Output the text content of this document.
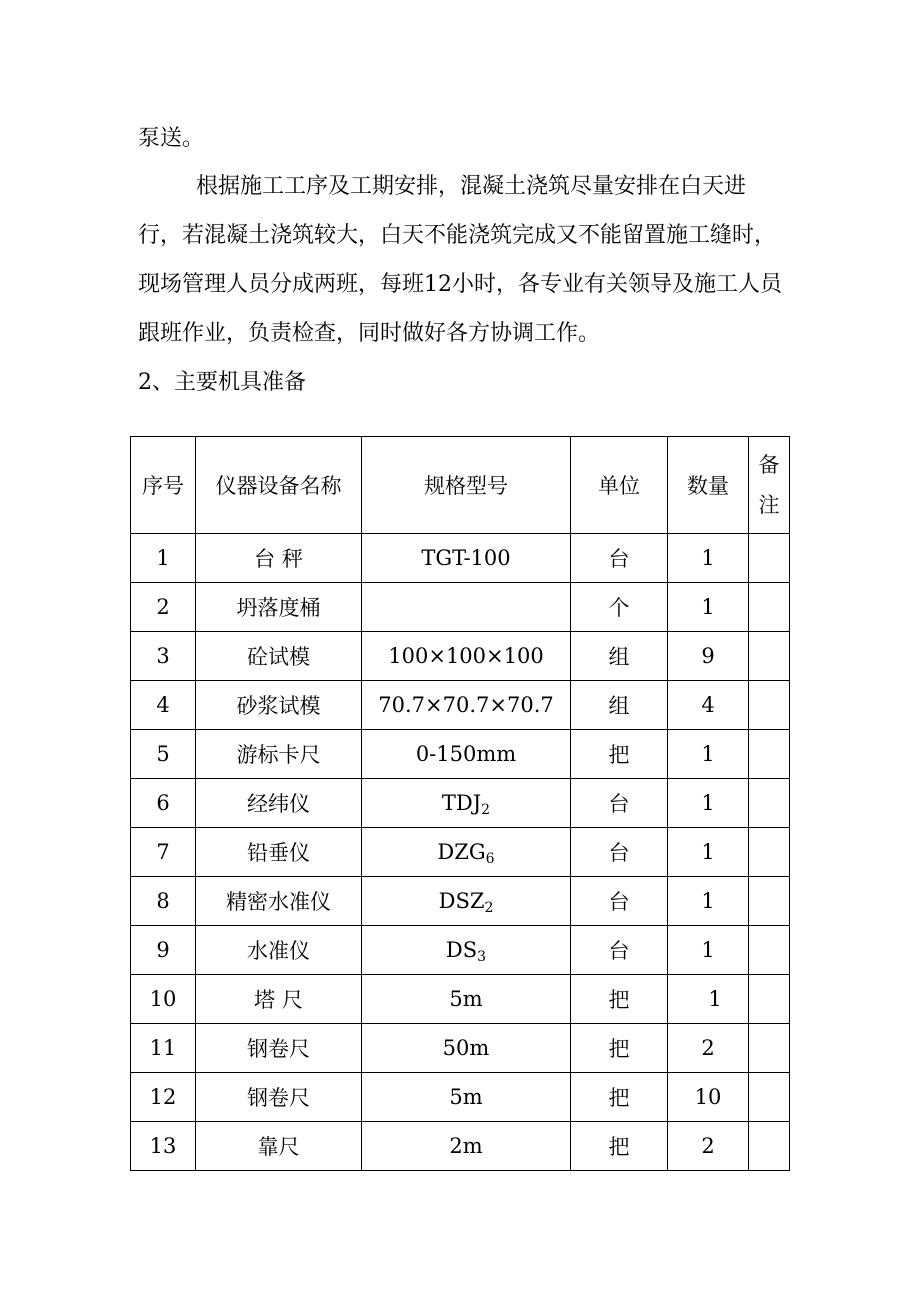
泵送。

根据施工工序及工期安排，混凝土浇筑尽量安排在白天进行，若混凝土浇筑较大，白天不能浇筑完成又不能留置施工缝时，现场管理人员分成两班，每班12小时，各专业有关领导及施工人员跟班作业，负责检查，同时做好各方协调工作。

2、主要机具准备

序号	仪器设备名称	规格型号	单位	数量	备
注
1	台 秤	TGT-100	台	1	
2	坍落度桶		个	1	
3	砼试模	100×100×100	组	9	
4	砂浆试模	70.7×70.7×70.7	组	4	
5	游标卡尺	0-150mm	把	1	
6	经纬仪	$TDJ_2$	台	1	
7	铅垂仪	$DZG_6$	台	1	
8	精密水准仪	$DSZ_2$	台	1	
9	水准仪	$DS_3$	台	1	
10	塔 尺	5m	把	1	
11	钢卷尺	50m	把	2	
12	钢卷尺	5m	把	10	
13	靠尺	2m	把	2	
